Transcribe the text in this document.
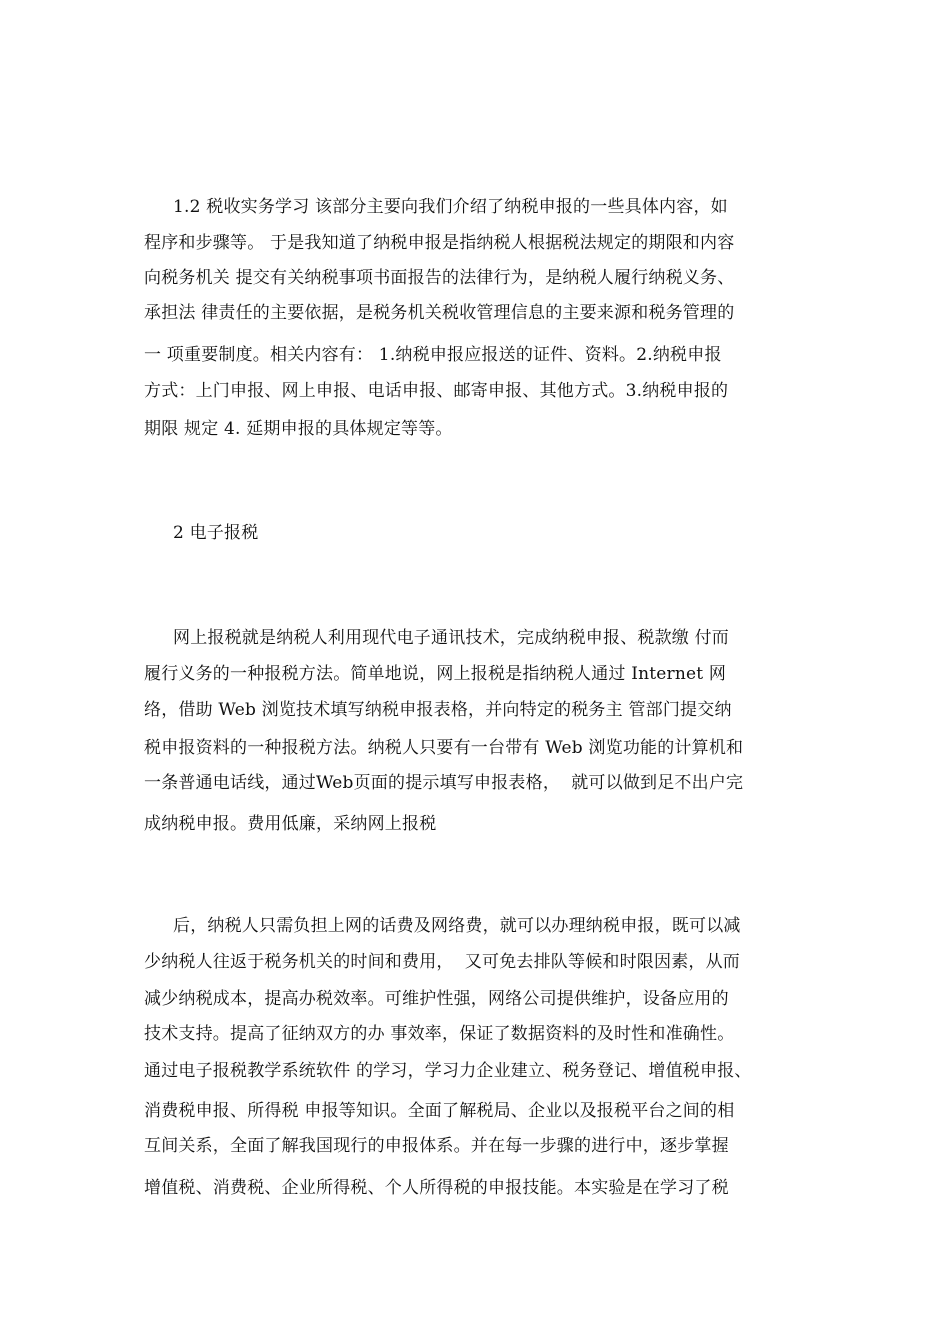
1.2 税收实务学习 该部分主要向我们介绍了纳税申报的一些具体内容，如
程序和步骤等。 于是我知道了纳税申报是指纳税人根据税法规定的期限和内容
向税务机关 提交有关纳税事项书面报告的法律行为，是纳税人履行纳税义务、
承担法 律责任的主要依据，是税务机关税收管理信息的主要来源和税务管理的
一 项重要制度。相关内容有： 1.纳税申报应报送的证件、资料。2.纳税申报
方式：上门申报、网上申报、电话申报、邮寄申报、其他方式。3.纳税申报的
期限 规定 4. 延期申报的具体规定等等。
2 电子报税
网上报税就是纳税人利用现代电子通讯技术，完成纳税申报、税款缴 付而
履行义务的一种报税方法。简单地说，网上报税是指纳税人通过 Internet 网
络，借助 Web 浏览技术填写纳税申报表格，并向特定的税务主 管部门提交纳
税申报资料的一种报税方法。纳税人只要有一台带有 Web 浏览功能的计算机和
一条普通电话线，通过Web页面的提示填写申报表格，  就可以做到足不出户完
成纳税申报。费用低廉，采纳网上报税
后，纳税人只需负担上网的话费及网络费，就可以办理纳税申报，既可以减
少纳税人往返于税务机关的时间和费用，  又可免去排队等候和时限因素，从而
减少纳税成本，提高办税效率。可维护性强，网络公司提供维护，设备应用的
技术支持。提高了征纳双方的办 事效率，保证了数据资料的及时性和准确性。
通过电子报税教学系统软件 的学习，学习力企业建立、税务登记、增值税申报、
消费税申报、所得税 申报等知识。全面了解税局、企业以及报税平台之间的相
互间关系，全面了解我国现行的申报体系。并在每一步骤的进行中，逐步掌握
增值税、消费税、企业所得税、个人所得税的申报技能。本实验是在学习了税
